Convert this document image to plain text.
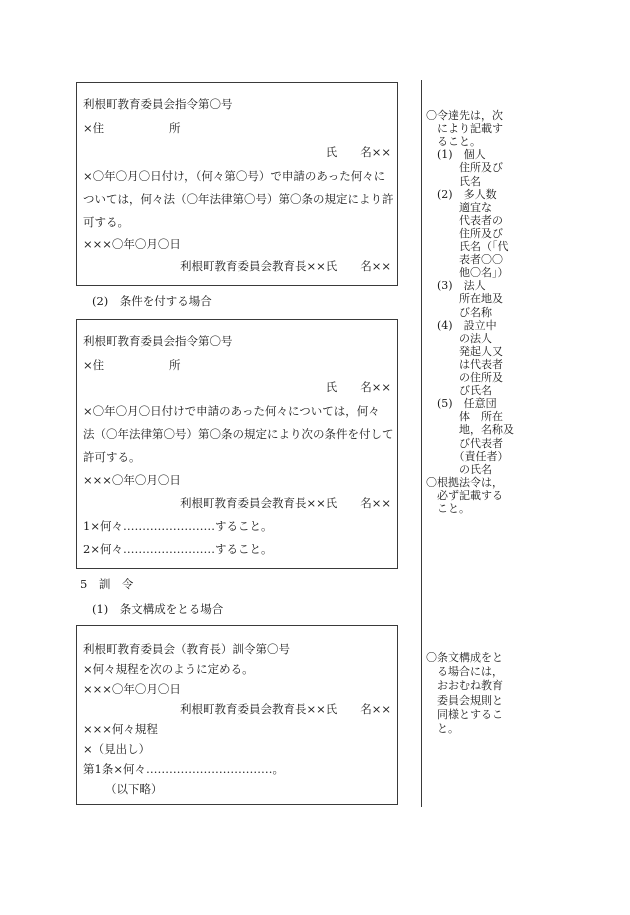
利根町教育委員会指令第〇号
×住	所
氏　　名××
×〇年〇月〇日付け，（何々第〇号）で申請のあった何々に
ついては，何々法（〇年法律第〇号）第〇条の規定により許
可する。
×××〇年〇月〇日
利根町教育委員会教育長××氏　　名××
(2)　条件を付する場合
利根町教育委員会指令第〇号
×住	所
氏　　名××
×〇年〇月〇日付けで申請のあった何々については，何々
法（〇年法律第〇号）第〇条の規定により次の条件を付して
許可する。
×××〇年〇月〇日
利根町教育委員会教育長××氏　　名××
1×何々……………………すること。
2×何々……………………すること。
5　訓　令
(1)　条文構成をとる場合
利根町教育委員会（教育長）訓令第〇号
×何々規程を次のように定める。
×××〇年〇月〇日
利根町教育委員会教育長××氏　　名××
×××何々規程
×（見出し）
第1条×何々……………………………。
（以下略）
〇令達先は，次
　により記載す
　ること。
　(1)　個人
　　　住所及び
　　　氏名
　(2)　多人数
　　　適宜な
　　　代表者の
　　　住所及び
　　　氏名（「代
　　　表者〇〇
　　　他〇名」）
　(3)　法人
　　　所在地及
　　　び名称
　(4)　設立中
　　　の法人
　　　発起人又
　　　は代表者
　　　の住所及
　　　び氏名
　(5)　任意団
　　　体　所在
　　　地，名称及
　　　び代表者
　　　（責任者）
　　　の氏名
〇根拠法令は，
　必ず記載する
　こと。
〇条文構成をと
　る場合には，
　おおむね教育
　委員会規則と
　同様とするこ
　と。
